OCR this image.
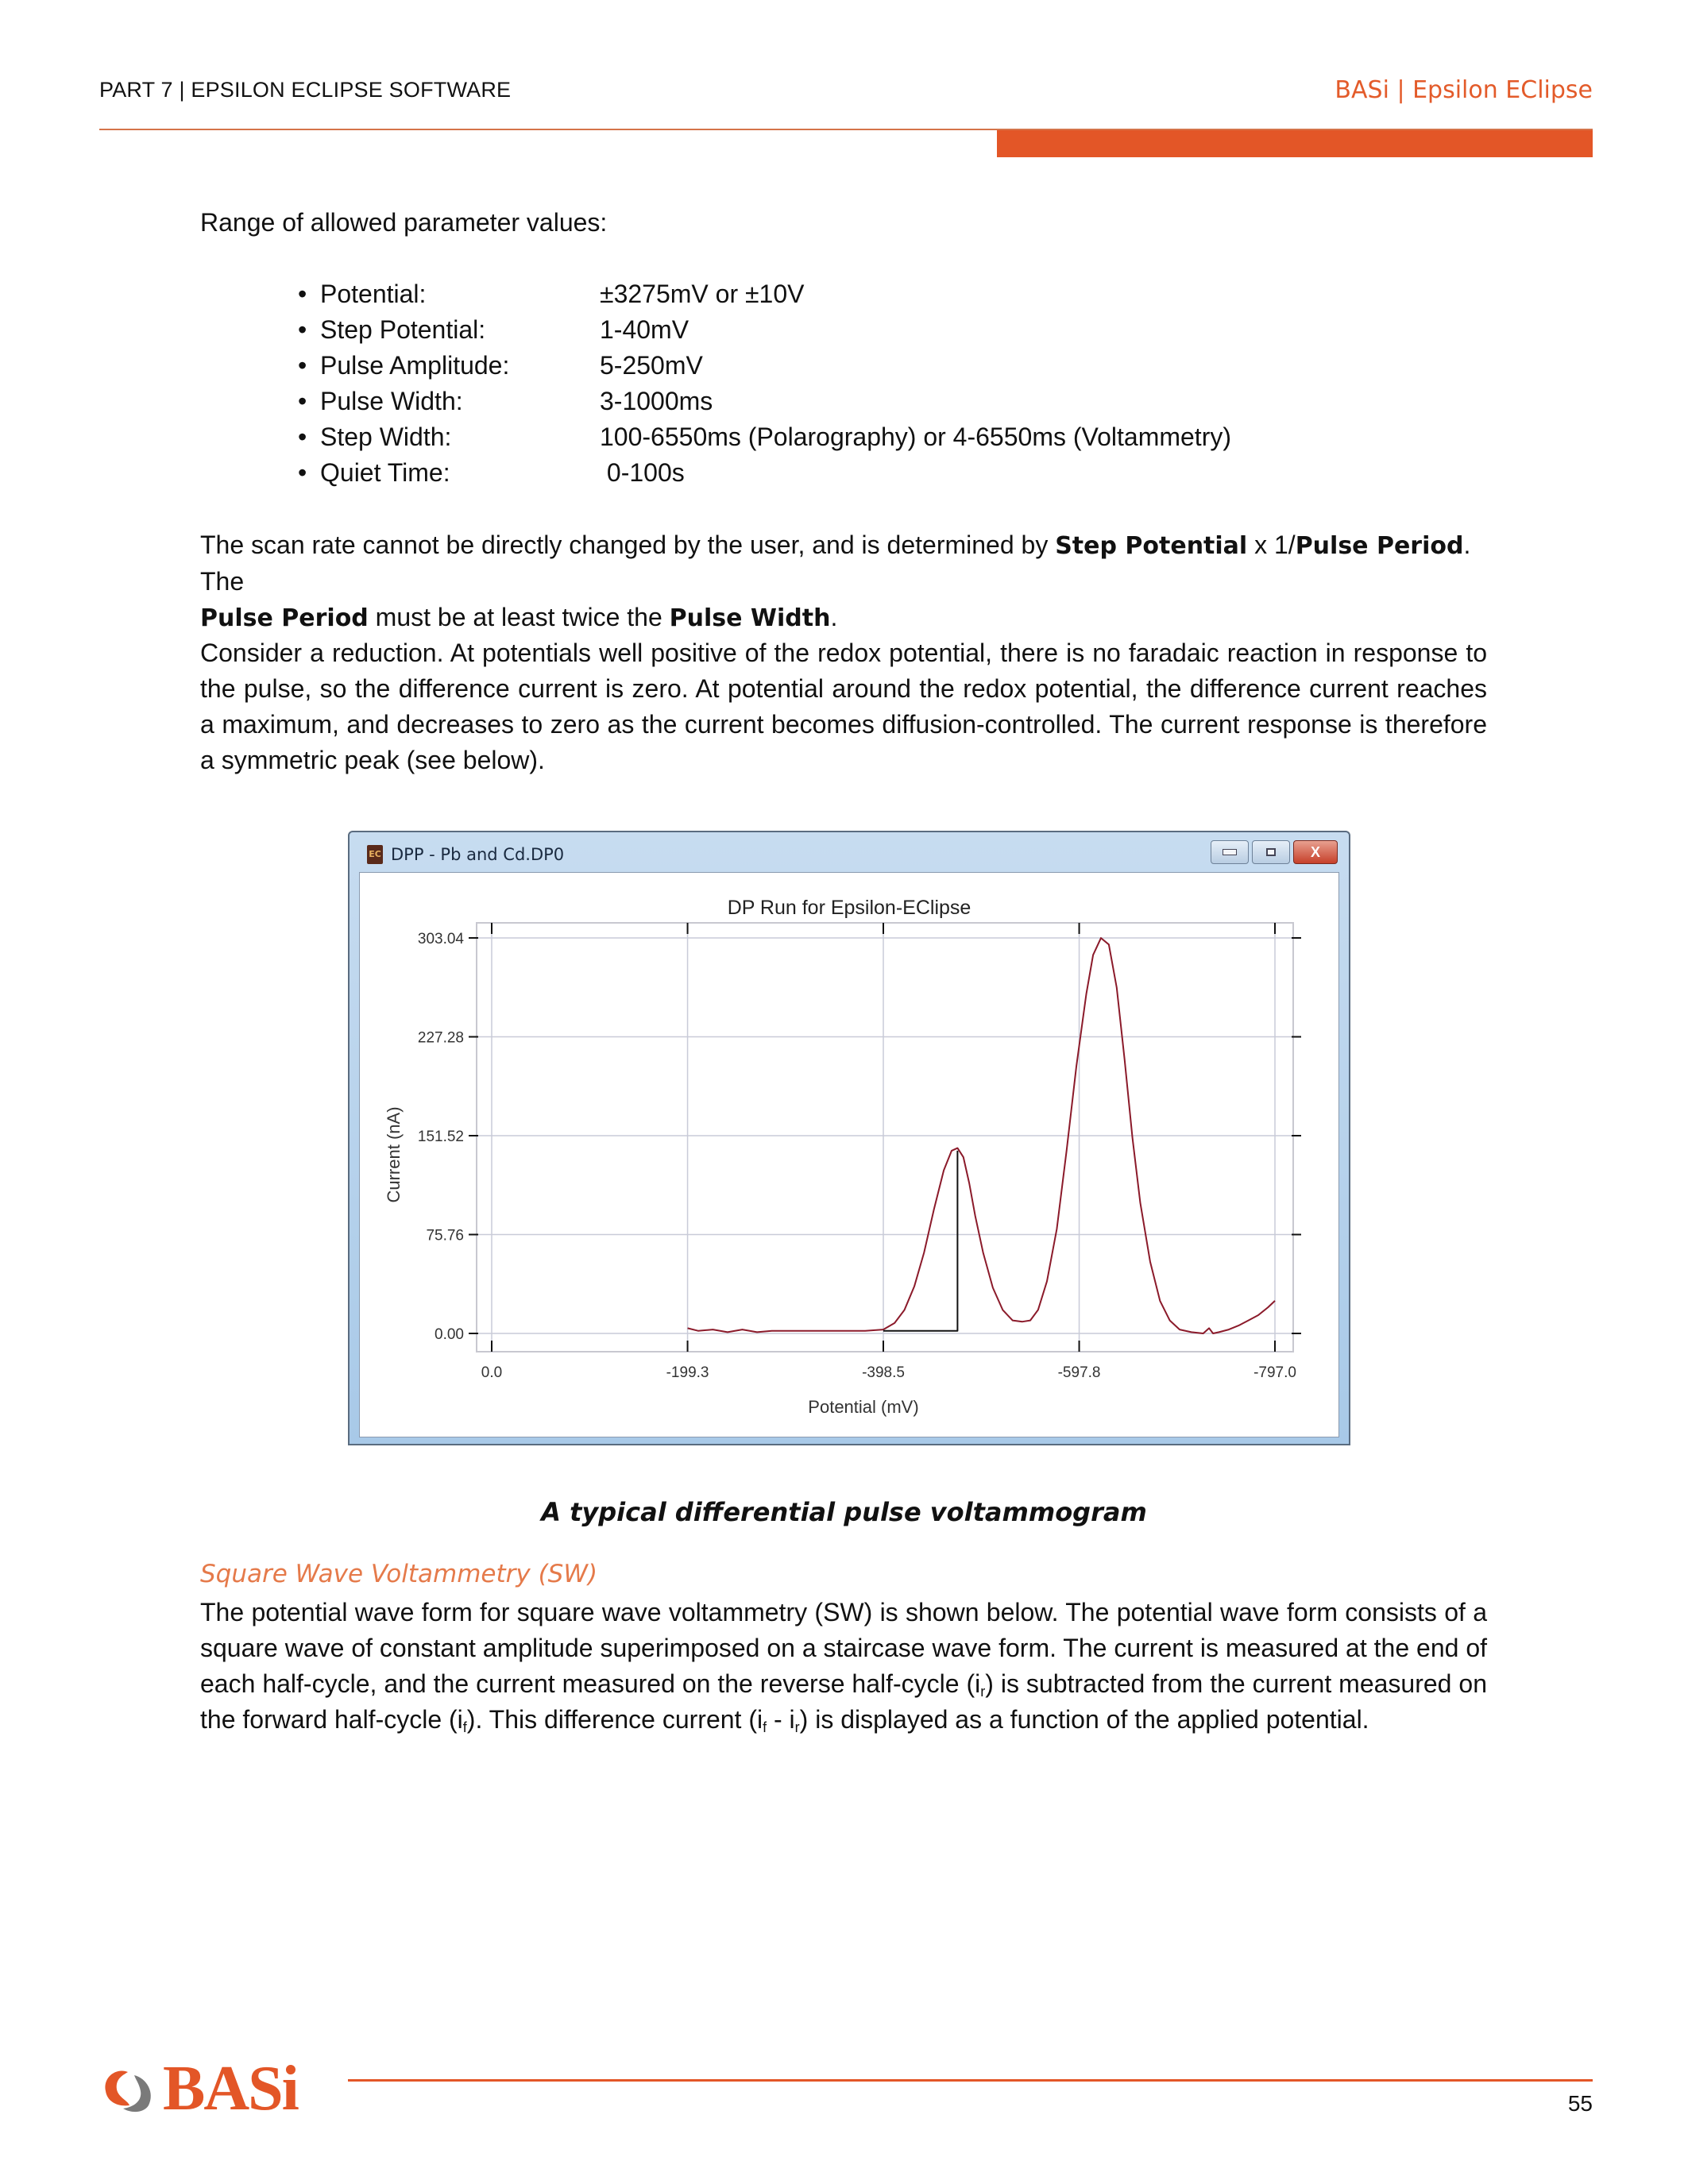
PART 7 | EPSILON ECLIPSE SOFTWARE	BASi | Epsilon EClipse
Range of allowed parameter values:
• Potential:	±3275mV or ±10V
• Step Potential:	1-40mV
• Pulse Amplitude:	5-250mV
• Pulse Width:	3-1000ms
• Step Width:	100-6550ms (Polarography) or 4-6550ms (Voltammetry)
• Quiet Time:	0-100s
The scan rate cannot be directly changed by the user, and is determined by Step Potential x 1/Pulse Period. The
Pulse Period must be at least twice the Pulse Width.
Consider a reduction. At potentials well positive of the redox potential, there is no faradaic reaction in response to the pulse, so the difference current is zero. At potential around the redox potential, the difference current reaches a maximum, and decreases to zero as the current becomes diffusion-controlled. The current response is therefore a symmetric peak (see below).
EC DPP - Pb and Cd.DP0	X
DP Run for Epsilon-EClipse
0.0	-199.3	-398.5	-597.8	-797.0
303.04
227.28
151.52
75.76
0.00
Current (nA)
Potential (mV)
A typical differential pulse voltammogram
Square Wave Voltammetry (SW)
The potential wave form for square wave voltammetry (SW) is shown below. The potential wave form consists of a square wave of constant amplitude superimposed on a staircase wave form. The current is measured at the end of each half-cycle, and the current measured on the reverse half-cycle $(i_r)$ is subtracted from the current measured on the forward half-cycle $(i_f)$. This difference current $(i_f - i_r)$ is displayed as a function of the applied potential.
BASi	55
